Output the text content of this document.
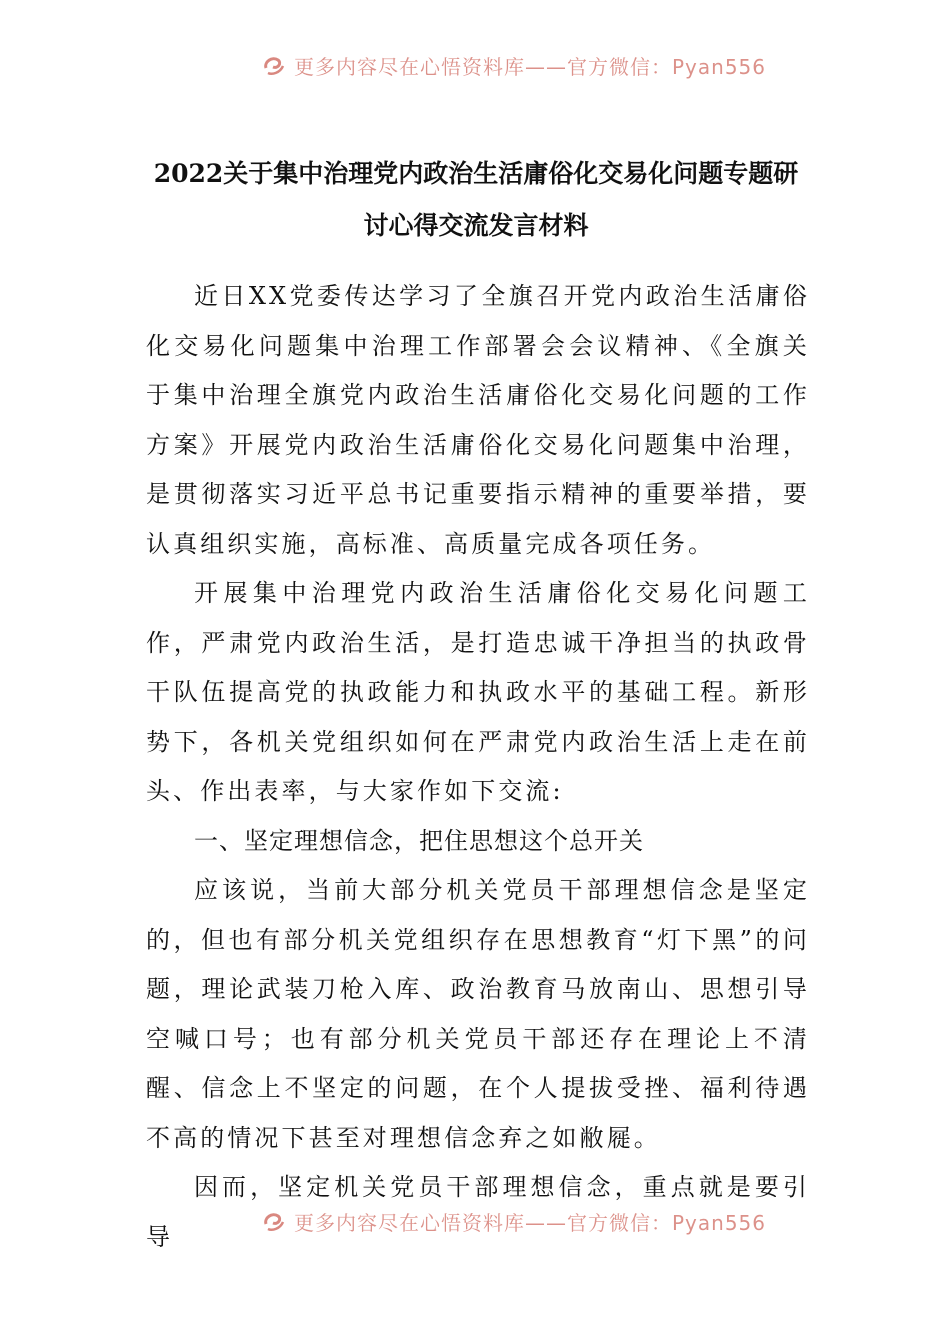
更多内容尽在心悟资料库——官方微信：Pyan556
2022关于集中治理党内政治生活庸俗化交易化问题专题研
讨心得交流发言材料

近日XX党委传达学习了全旗召开党内政治生活庸俗化交易化问题集中治理工作部署会会议精神、《全旗关于集中治理全旗党内政治生活庸俗化交易化问题的工作方案》开展党内政治生活庸俗化交易化问题集中治理，是贯彻落实习近平总书记重要指示精神的重要举措，要认真组织实施，高标准、高质量完成各项任务。

开展集中治理党内政治生活庸俗化交易化问题工作，严肃党内政治生活，是打造忠诚干净担当的执政骨干队伍提高党的执政能力和执政水平的基础工程。新形势下，各机关党组织如何在严肃党内政治生活上走在前头、作出表率，与大家作如下交流:

一、坚定理想信念，把住思想这个总开关

应该说，当前大部分机关党员干部理想信念是坚定的，但也有部分机关党组织存在思想教育“灯下黑”的问题，理论武装刀枪入库、政治教育马放南山、思想引导空喊口号；也有部分机关党员干部还存在理论上不清醒、信念上不坚定的问题，在个人提拔受挫、福利待遇不高的情况下甚至对理想信念弃之如敝屣。

因而，坚定机关党员干部理想信念，重点就是要引导	更多内容尽在心悟资料库——官方微信：Pyan556
